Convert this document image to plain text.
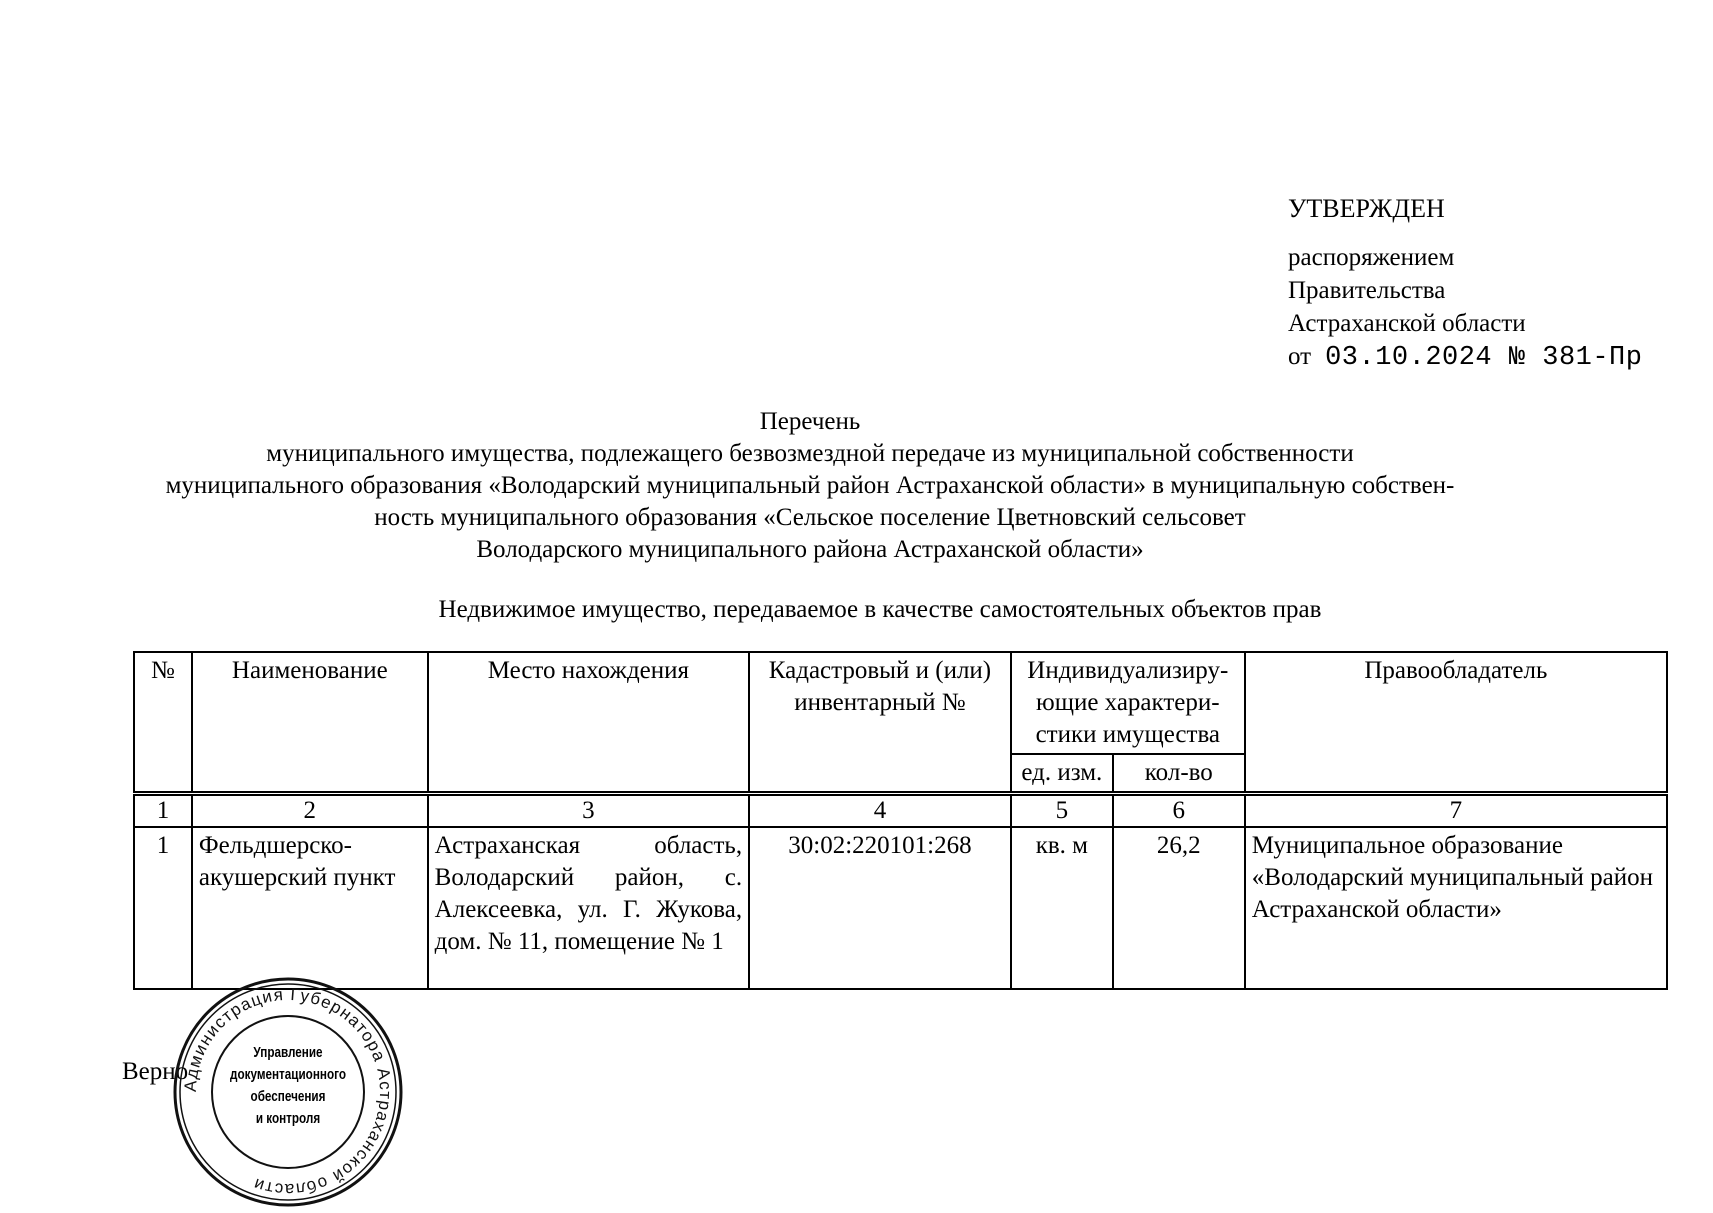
УТВЕРЖДЕН
распоряжением
Правительства
Астраханской области
от 03.10.2024 № 381-Пр
Перечень
муниципального имущества, подлежащего безвозмездной передаче из муниципальной собственности
муниципального образования «Володарский муниципальный район Астраханской области» в муниципальную собствен-
ность муниципального образования «Сельское поселение Цветновский сельсовет
Володарского муниципального района Астраханской области»
Недвижимое имущество, передаваемое в качестве самостоятельных объектов прав
№	Наименование	Место нахождения	Кадастровый и (или) инвентарный №	Индивидуализиру-ющие характери-стики имущества		Правообладатель
				ед. изм.	кол-во	
1	2	3	4	5	6	7
1	Фельдшерско-акушерский пункт	Астраханская область, Володарский район, с. Алексеевка, ул. Г. Жукова, дом. № 11, помещение № 1	30:02:220101:268	кв. м	26,2	Муниципальное образование «Володарский муниципальный район Астраханской области»
Верно
Администрация Губернатора Астраханской области
Управление
документационного
обеспечения
и контроля
